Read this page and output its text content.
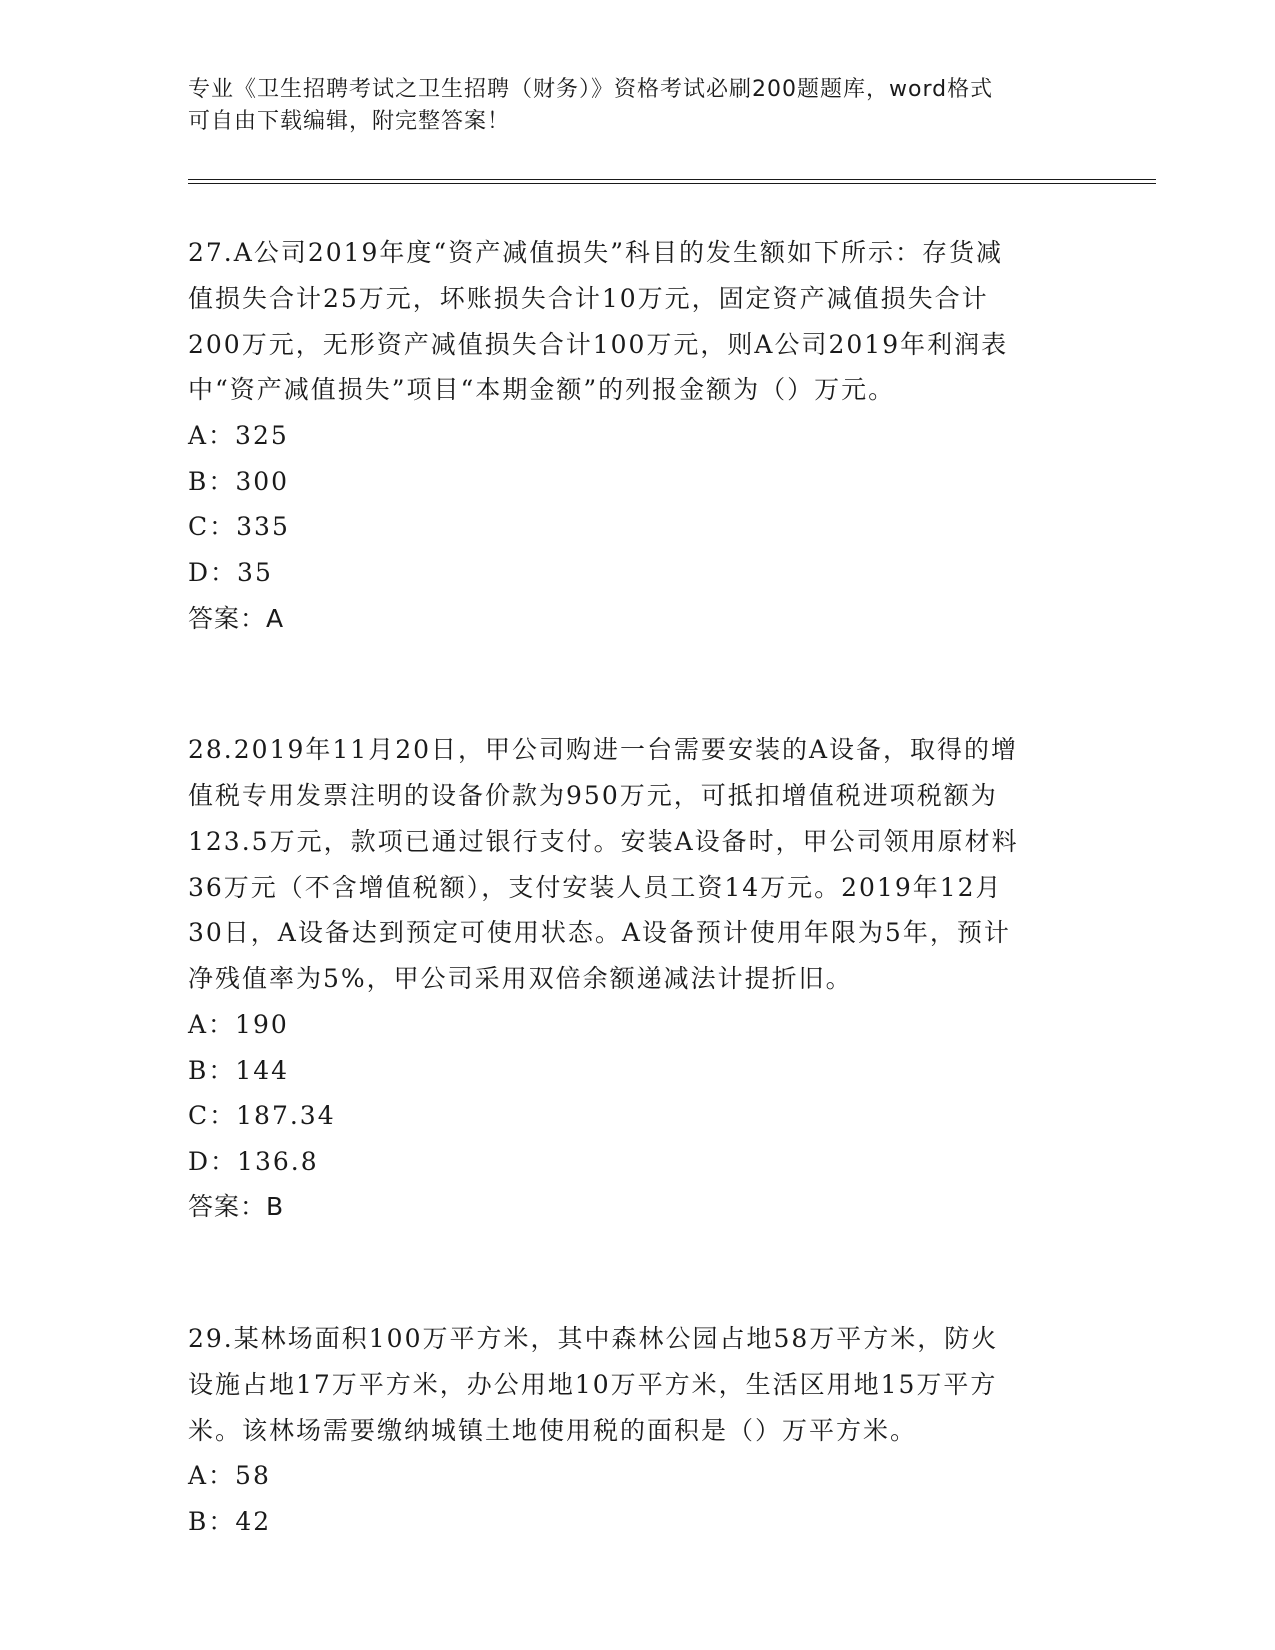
专业《卫生招聘考试之卫生招聘（财务）》资格考试必刷200题题库，word格式
可自由下载编辑，附完整答案！
27.A公司2019年度“资产减值损失”科目的发生额如下所示：存货减
值损失合计25万元，坏账损失合计10万元，固定资产减值损失合计
200万元，无形资产减值损失合计100万元，则A公司2019年利润表
中“资产减值损失”项目“本期金额”的列报金额为（）万元。
A：325
B：300
C：335
D：35
答案：A
28.2019年11月20日，甲公司购进一台需要安装的A设备，取得的增
值税专用发票注明的设备价款为950万元，可抵扣增值税进项税额为
123.5万元，款项已通过银行支付。安装A设备时，甲公司领用原材料
36万元（不含增值税额），支付安装人员工资14万元。2019年12月
30日，A设备达到预定可使用状态。A设备预计使用年限为5年，预计
净残值率为5%，甲公司采用双倍余额递减法计提折旧。
A：190
B：144
C：187.34
D：136.8
答案：B
29.某林场面积100万平方米，其中森林公园占地58万平方米，防火
设施占地17万平方米，办公用地10万平方米，生活区用地15万平方
米。该林场需要缴纳城镇土地使用税的面积是（）万平方米。
A：58
B：42
